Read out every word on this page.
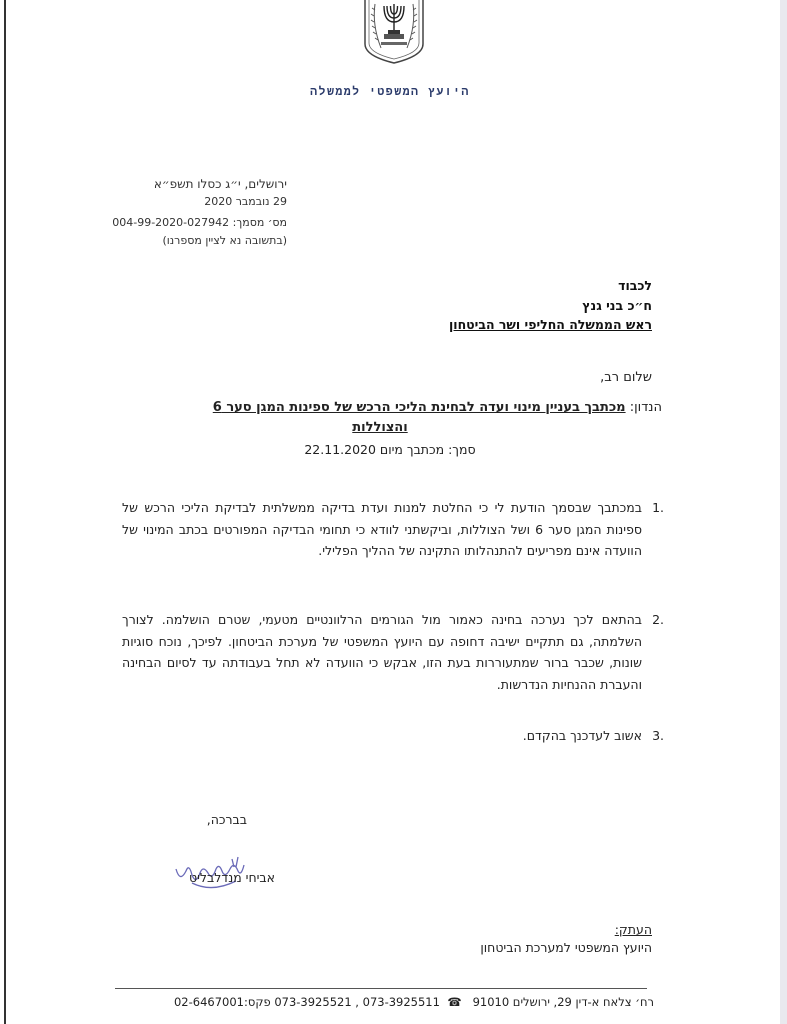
היועץ המשפטי לממשלה
ירושלים, י״ג כסלו תשפ״א
29 נובמבר 2020
מס׳ מסמך: 004-99-2020-027942
(בתשובה נא לציין מספרנו)
לכבוד
ח״כ בני גנץ
ראש הממשלה החליפי ושר הביטחון
שלום רב,
הנדון: מכתבך בעניין מינוי ועדה לבחינת הליכי הרכש של ספינות המגן סער 6
והצוללות
סמך: מכתבך מיום 22.11.2020
1.
במכתבך שבסמך הודעת לי כי החלטת למנות ועדת בדיקה ממשלתית לבדיקת הליכי הרכש של ספינות המגן סער 6 ושל הצוללות, וביקשתני לוודא כי תחומי הבדיקה המפורטים בכתב המינוי של הוועדה אינם מפריעים להתנהלותו התקינה של ההליך הפלילי.
2.
בהתאם לכך נערכה בחינה כאמור מול הגורמים הרלוונטיים מטעמי, שטרם הושלמה. לצורך השלמתה, גם תתקיים ישיבה דחופה עם היועץ המשפטי של מערכת הביטחון. לפיכך, נוכח סוגיות שונות, שכבר ברור שמתעוררות בעת הזו, אבקש כי הוועדה לא תחל בעבודתה עד לסיום הבחינה והעברת ההנחיות הנדרשות.
3.
אשוב לעדכנך בהקדם.
בברכה,
אביחי מנדלבליט
העתק:
היועץ המשפטי למערכת הביטחון
רח׳ צלאח א-דין 29, ירושלים 91010   ☎  073-3925511 , 073-3925521 פקס:02-6467001
